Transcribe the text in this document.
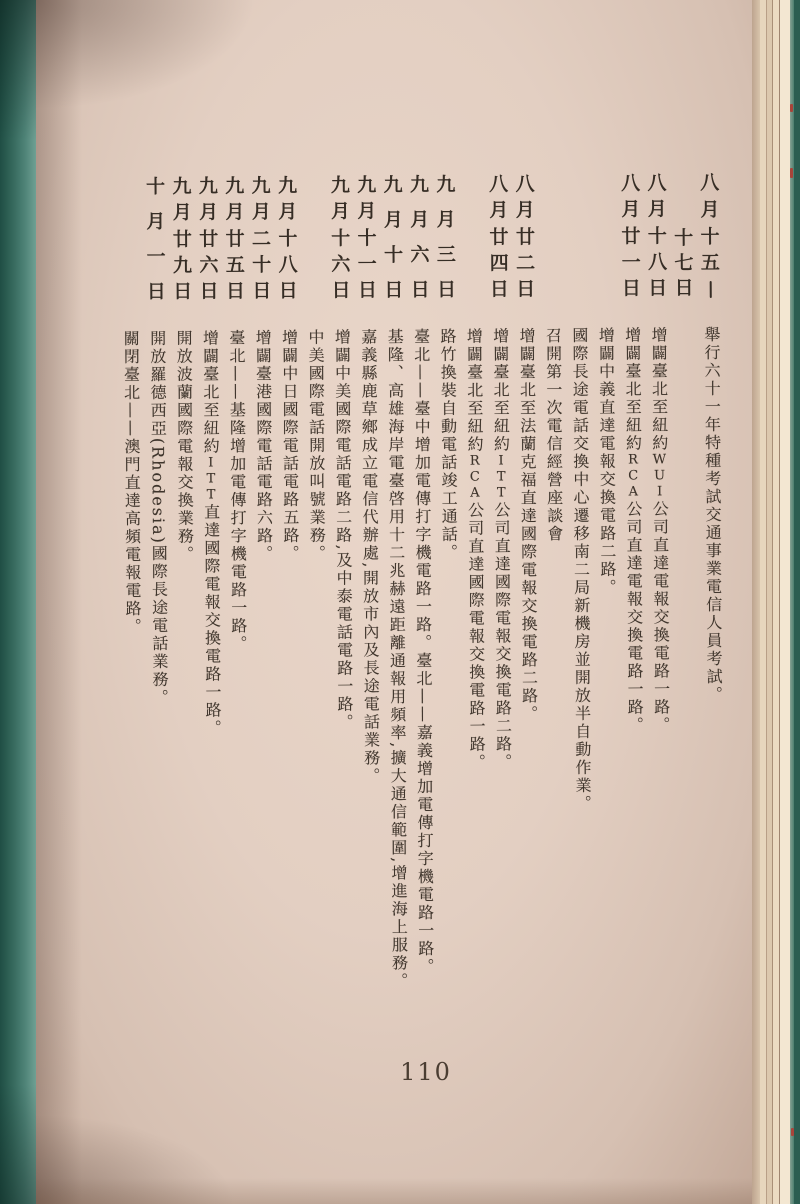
八
月
十
五
舉行六十一年特種考試交通事業電信人員考試。
十
七
日
八
月
十
八
日
增闢臺北至紐約WUI公司直達電報交換電路一路。
八
月
廿
一
日
增闢臺北至紐約RCA公司直達電報交換電路一路。
增闢中義直達電報交換電路二路。
國際長途電話交換中心遷移南二局新機房並開放半自動作業。
召開第一次電信經營座談會
八
月
廿
二
日
增闢臺北至法蘭克福直達國際電報交換電路二路。
八
月
廿
四
日
增闢臺北至紐約ITT公司直達國際電報交換電路二路。
增闢臺北至紐約RCA公司直達國際電報交換電路一路。
九
月
三
日
路竹換裝自動電話竣工通話。
九
月
六
日
臺北——臺中增加電傳打字機電路一路。臺北——嘉義增加電傳打字機電路一路。
九
月
十
日
基隆、高雄海岸電臺啓用十二兆赫遠距離通報用頻率,擴大通信範圍,增進海上服務。
九
月
十
一
日
嘉義縣鹿草鄉成立電信代辦處,開放市內及長途電話業務。
九
月
十
六
日
增闢中美國際電話電路二路,及中泰電話電路一路。
中美國際電話開放叫號業務。
九
月
十
八
日
增闢中日國際電話電路五路。
九
月
二
十
日
增闢臺港國際電話電路六路。
九
月
廿
五
日
臺北——基隆增加電傳打字機電路一路。
九
月
廿
六
日
增闢臺北至紐約ITT直達國際電報交換電路一路。
九
月
廿
九
日
開放波蘭國際電報交換業務。
十
月
一
日
開放羅德西亞(Rhodesia)國際長途電話業務。
關閉臺北——澳門直達高頻電報電路。
110
